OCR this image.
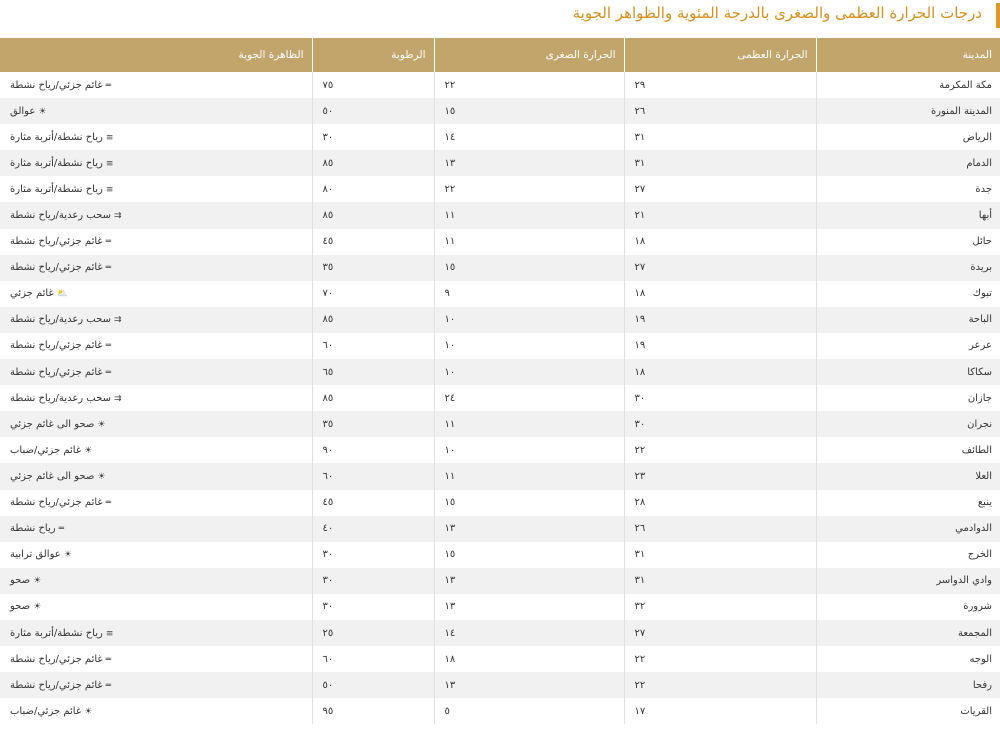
درجات الحرارة العظمى والصغرى بالدرجة المئوية والظواهر الجوية
المدينة	الحرارة العظمى	الحرارة الصغرى	الرطوبة	الظاهرة الجوية
مكة المكرمة	٢٩	٢٢	٧٥	═غائم جزئي/رياح نشطة
المدينة المنورة	٢٦	١٥	٥٠	☀عوالق
الرياض	٣١	١٤	٣٠	≡رياح نشطة/أتربة مثارة
الدمام	٣١	١٣	٨٥	≡رياح نشطة/أتربة مثارة
جدة	٢٧	٢٢	٨٠	≡رياح نشطة/أتربة مثارة
أبها	٢١	١١	٨٥	⇉سحب رعدية/رياح نشطة
حائل	١٨	١١	٤٥	═غائم جزئي/رياح نشطة
بريدة	٢٧	١٥	٣٥	═غائم جزئي/رياح نشطة
تبوك	١٨	٩	٧٠	⛅غائم جزئي
الباحة	١٩	١٠	٨٥	⇉سحب رعدية/رياح نشطة
عرعر	١٩	١٠	٦٠	═غائم جزئي/رياح نشطة
سكاكا	١٨	١٠	٦٥	═غائم جزئي/رياح نشطة
جازان	٣٠	٢٤	٨٥	⇉سحب رعدية/رياح نشطة
نجران	٣٠	١١	٣٥	☀صحو الى غائم جزئي
الطائف	٢٢	١٠	٩٠	☀غائم جزئي/ضباب
العلا	٢٣	١١	٦٠	☀صحو الى غائم جزئي
ينبع	٢٨	١٥	٤٥	═غائم جزئي/رياح نشطة
الدوادمي	٢٦	١٣	٤٠	═رياح نشطة
الخرج	٣١	١٥	٣٠	☀عوالق ترابية
وادي الدواسر	٣١	١٣	٣٠	☀صحو
شرورة	٣٢	١٣	٣٠	☀صحو
المجمعة	٢٧	١٤	٢٥	≡رياح نشطة/أتربة مثارة
الوجه	٢٢	١٨	٦٠	═غائم جزئي/رياح نشطة
رفحا	٢٢	١٣	٥٠	═غائم جزئي/رياح نشطة
القريات	١٧	٥	٩٥	☀غائم جزئي/ضباب
